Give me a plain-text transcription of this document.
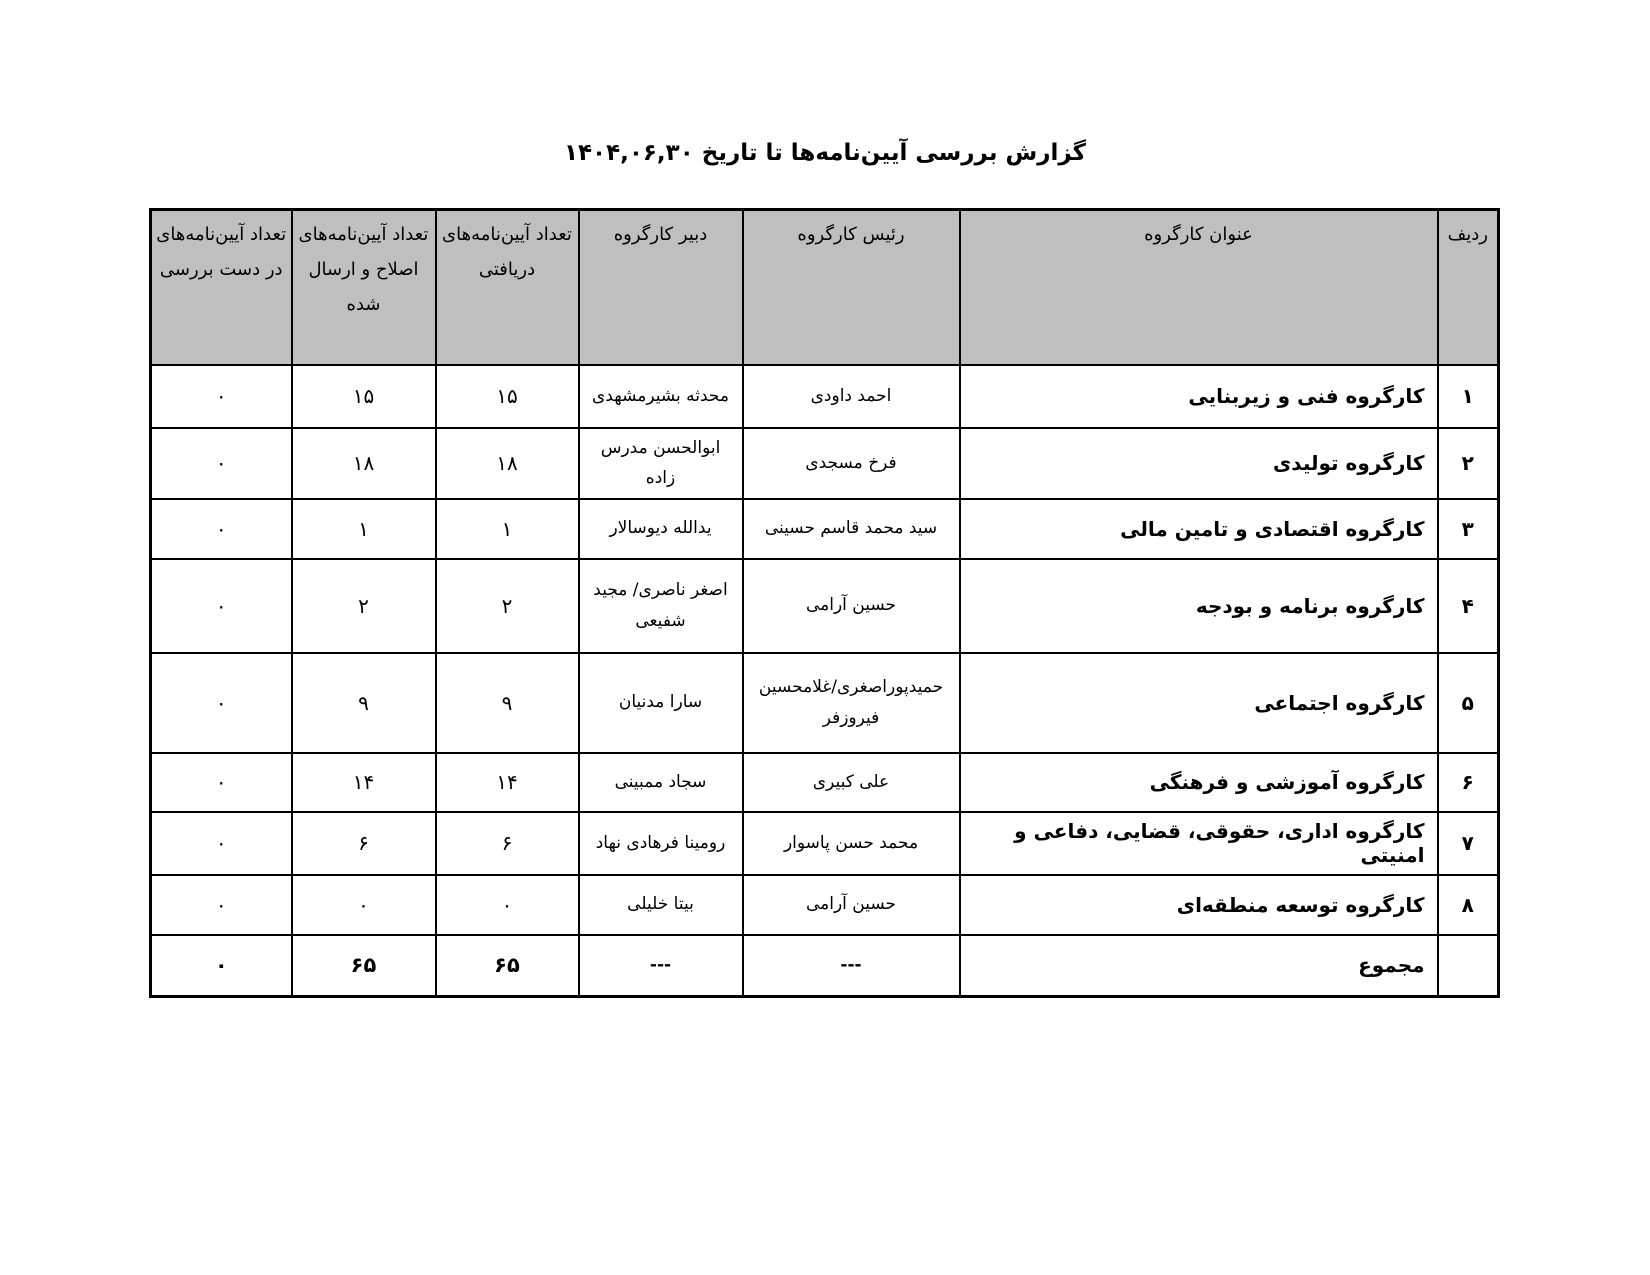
گزارش بررسی آیین‌نامه‌ها تا تاریخ ۱۴۰۴,۰۶,۳۰
ردیف	عنوان کارگروه	رئیس کارگروه	دبیر کارگروه	تعداد آیین‌نامه‌های دریافتی	تعداد آیین‌نامه‌های اصلاح و ارسال شده	تعداد آیین‌نامه‌های در دست بررسی
۱	کارگروه فنی و زیربنایی	احمد داودی	محدثه بشیرمشهدی	۱۵	۱۵	۰
۲	کارگروه تولیدی	فرخ مسجدی	ابوالحسن مدرس زاده	۱۸	۱۸	۰
۳	کارگروه اقتصادی و تامین مالی	سید محمد قاسم حسینی	یدالله دیوسالار	۱	۱	۰
۴	کارگروه برنامه و بودجه	حسین آرامی	اصغر ناصری/ مجید شفیعی	۲	۲	۰
۵	کارگروه اجتماعی	حمیدپوراصغری/غلامحسین فیروزفر	سارا مدنیان	۹	۹	۰
۶	کارگروه آموزشی و فرهنگی	علی کبیری	سجاد ممبینی	۱۴	۱۴	۰
۷	کارگروه اداری، حقوقی، قضایی، دفاعی و امنیتی	محمد حسن پاسوار	رومینا فرهادی نهاد	۶	۶	۰
۸	کارگروه توسعه منطقه‌ای	حسین آرامی	بیتا خلیلی	۰	۰	۰
	مجموع	---	---	۶۵	۶۵	۰
